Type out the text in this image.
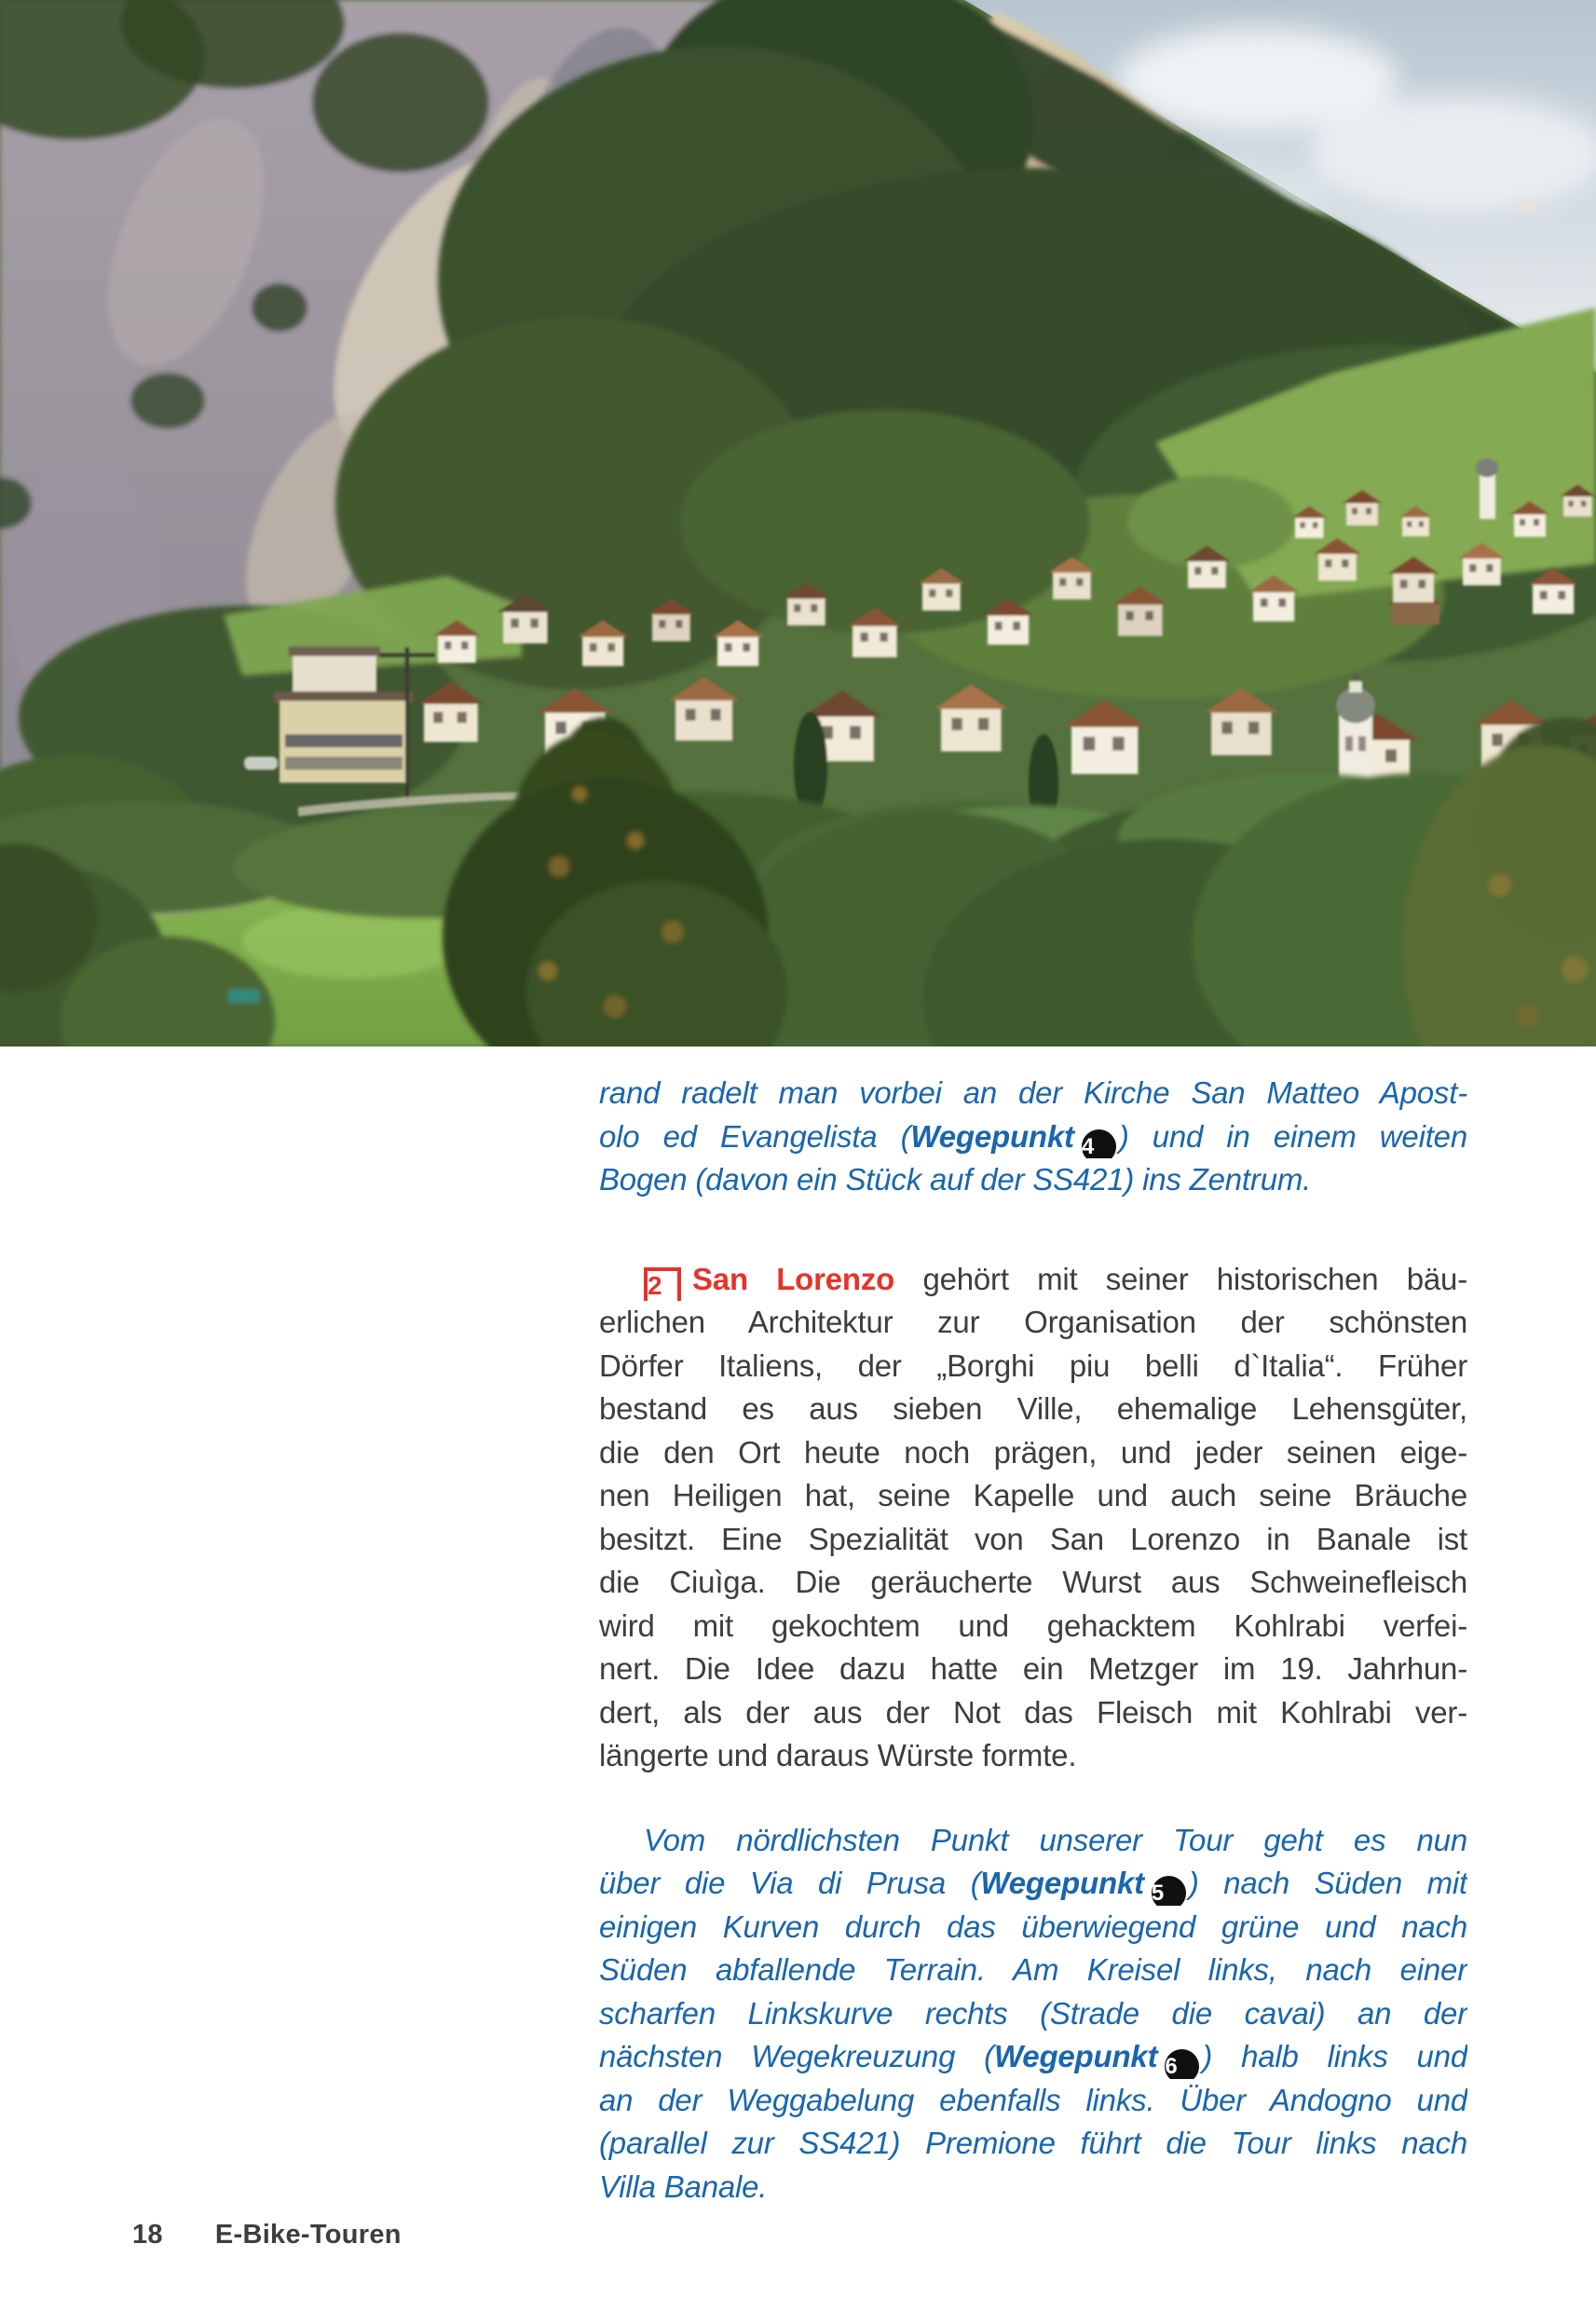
rand radelt man vorbei an der Kirche San Matteo Apost-
olo ed Evangelista (Wegepunkt 4 ) und in einem weiten
Bogen (davon ein Stück auf der SS421) ins Zentrum.
2 San Lorenzo gehört mit seiner historischen bäu-
erlichen Architektur zur Organisation der schönsten
Dörfer Italiens, der „Borghi piu belli d`Italia“. Früher
bestand es aus sieben Ville, ehemalige Lehensgüter,
die den Ort heute noch prägen, und jeder seinen eige-
nen Heiligen hat, seine Kapelle und auch seine Bräuche
besitzt. Eine Spezialität von San Lorenzo in Banale ist
die Ciuìga. Die geräucherte Wurst aus Schweinefleisch
wird mit gekochtem und gehacktem Kohlrabi verfei-
nert. Die Idee dazu hatte ein Metzger im 19. Jahrhun-
dert, als der aus der Not das Fleisch mit Kohlrabi ver-
längerte und daraus Würste formte.
Vom nördlichsten Punkt unserer Tour geht es nun
über die Via di Prusa (Wegepunkt 5 ) nach Süden mit
einigen Kurven durch das überwiegend grüne und nach
Süden abfallende Terrain. Am Kreisel links, nach einer
scharfen Linkskurve rechts (Strade die cavai) an der
nächsten Wegekreuzung (Wegepunkt 6 ) halb links und
an der Weggabelung ebenfalls links. Über Andogno und
(parallel zur SS421) Premione führt die Tour links nach
Villa Banale.
18 E-Bike-Touren
